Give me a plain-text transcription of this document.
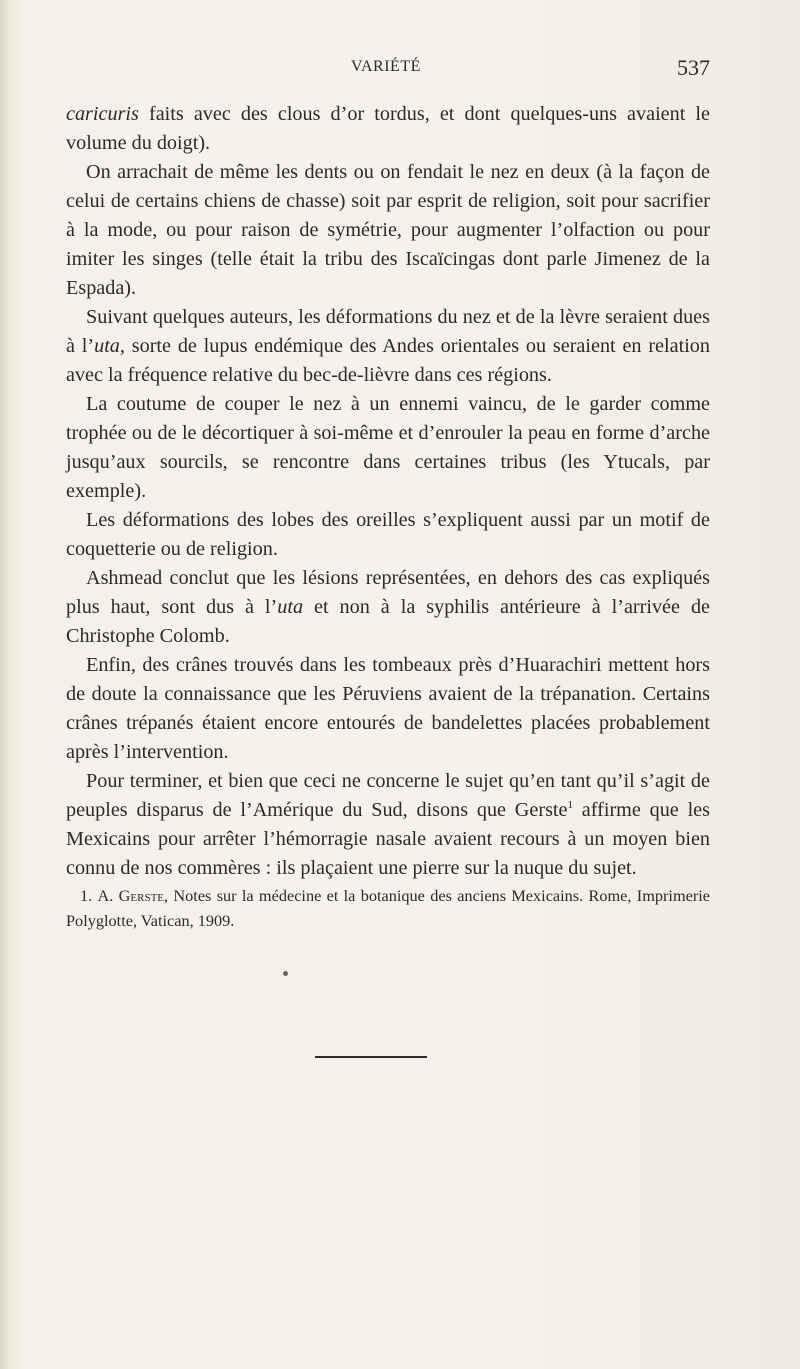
VARIÉTÉ	537

caricuris faits avec des clous d’or tordus, et dont quelques-uns avaient le volume du doigt).

On arrachait de même les dents ou on fendait le nez en deux (à la façon de celui de certains chiens de chasse) soit par esprit de religion, soit pour sacrifier à la mode, ou pour raison de symétrie, pour augmenter l’olfaction ou pour imiter les singes (telle était la tribu des Iscaïcingas dont parle Jimenez de la Espada).

Suivant quelques auteurs, les déformations du nez et de la lèvre seraient dues à l’uta, sorte de lupus endémique des Andes orientales ou seraient en relation avec la fréquence relative du bec-de-lièvre dans ces régions.

La coutume de couper le nez à un ennemi vaincu, de le garder comme trophée ou de le décortiquer à soi-même et d’enrouler la peau en forme d’arche jusqu’aux sourcils, se rencontre dans certaines tribus (les Ytucals, par exemple).

Les déformations des lobes des oreilles s’expliquent aussi par un motif de coquetterie ou de religion.

Ashmead conclut que les lésions représentées, en dehors des cas expliqués plus haut, sont dus à l’uta et non à la syphilis antérieure à l’arrivée de Christophe Colomb.

Enfin, des crânes trouvés dans les tombeaux près d’Huarachiri mettent hors de doute la connaissance que les Péruviens avaient de la trépanation. Certains crânes trépanés étaient encore entourés de bandelettes placées probablement après l’intervention.

Pour terminer, et bien que ceci ne concerne le sujet qu’en tant qu’il s’agit de peuples disparus de l’Amérique du Sud, disons que Gerste$^1$ affirme que les Mexicains pour arrêter l’hémorragie nasale avaient recours à un moyen bien connu de nos commères : ils plaçaient une pierre sur la nuque du sujet.

1. A. Gerste, Notes sur la médecine et la botanique des anciens Mexicains. Rome, Imprimerie Polyglotte, Vatican, 1909.
